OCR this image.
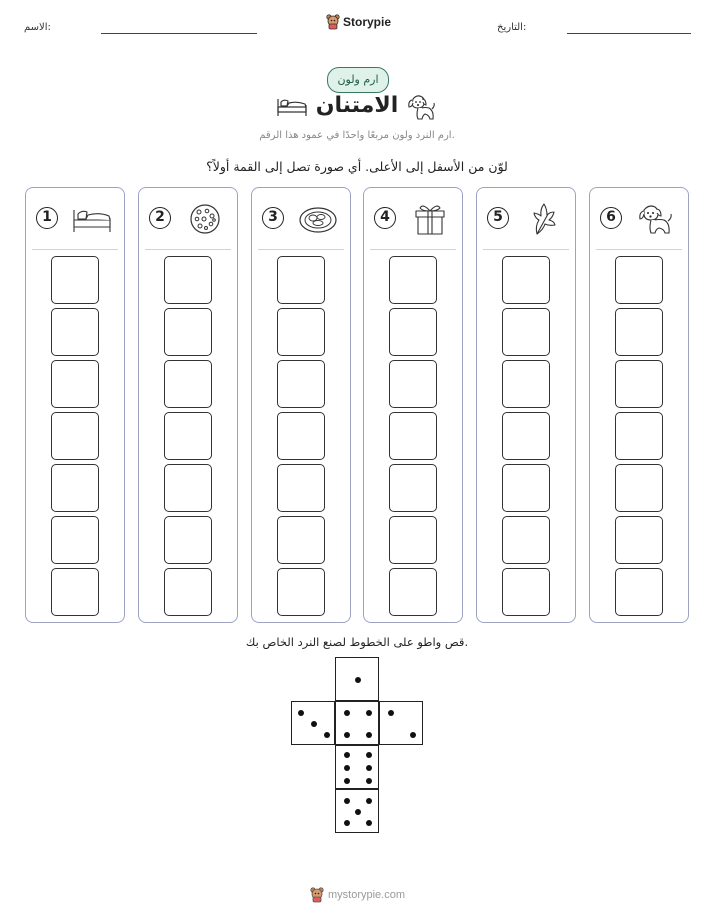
الاسم:	Storypie	التاريخ:
ارم ولون
الامتنان
ارم النرد ولون مربعًا واحدًا في عمود هذا الرقم.
لوّن من الأسفل إلى الأعلى. أي صورة تصل إلى القمة أولاً؟
1	2	3	4	5	6
قص واطو على الخطوط لصنع النرد الخاص بك.
mystorypie.com
